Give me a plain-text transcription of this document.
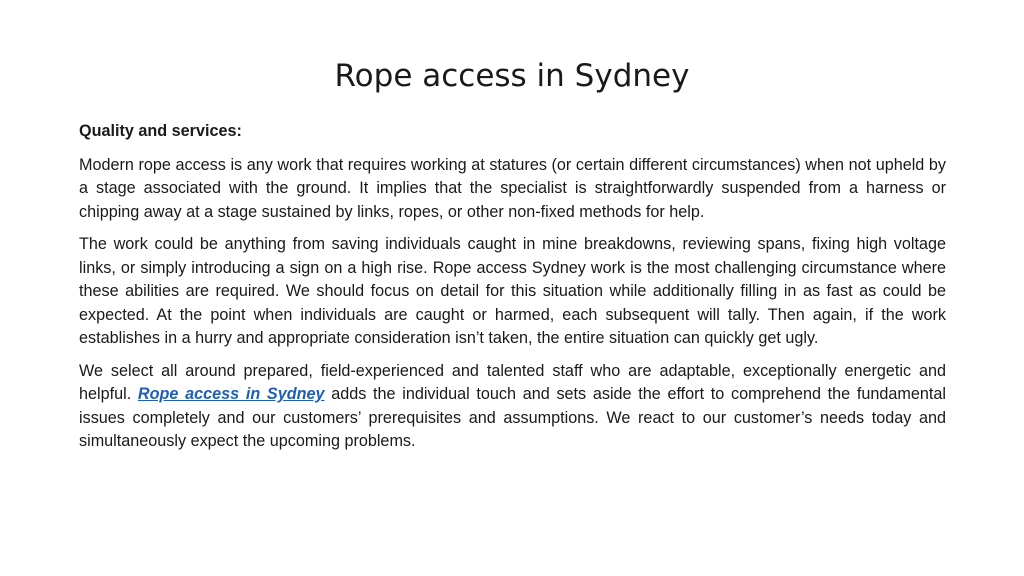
Rope access in Sydney
Quality and services:

Modern rope access is any work that requires working at statures (or certain different circumstances) when not upheld by a stage associated with the ground. It implies that the specialist is straightforwardly suspended from a harness or chipping away at a stage sustained by links, ropes, or other non-fixed methods for help.

The work could be anything from saving individuals caught in mine breakdowns, reviewing spans, fixing high voltage links, or simply introducing a sign on a high rise. Rope access Sydney work is the most challenging circumstance where these abilities are required. We should focus on detail for this situation while additionally filling in as fast as could be expected. At the point when individuals are caught or harmed, each subsequent will tally. Then again, if the work establishes in a hurry and appropriate consideration isn’t taken, the entire situation can quickly get ugly.

We select all around prepared, field-experienced and talented staff who are adaptable, exceptionally energetic and helpful. Rope access in Sydney adds the individual touch and sets aside the effort to comprehend the fundamental issues completely and our customers’ prerequisites and assumptions. We react to our customer’s needs today and simultaneously expect the upcoming problems.
